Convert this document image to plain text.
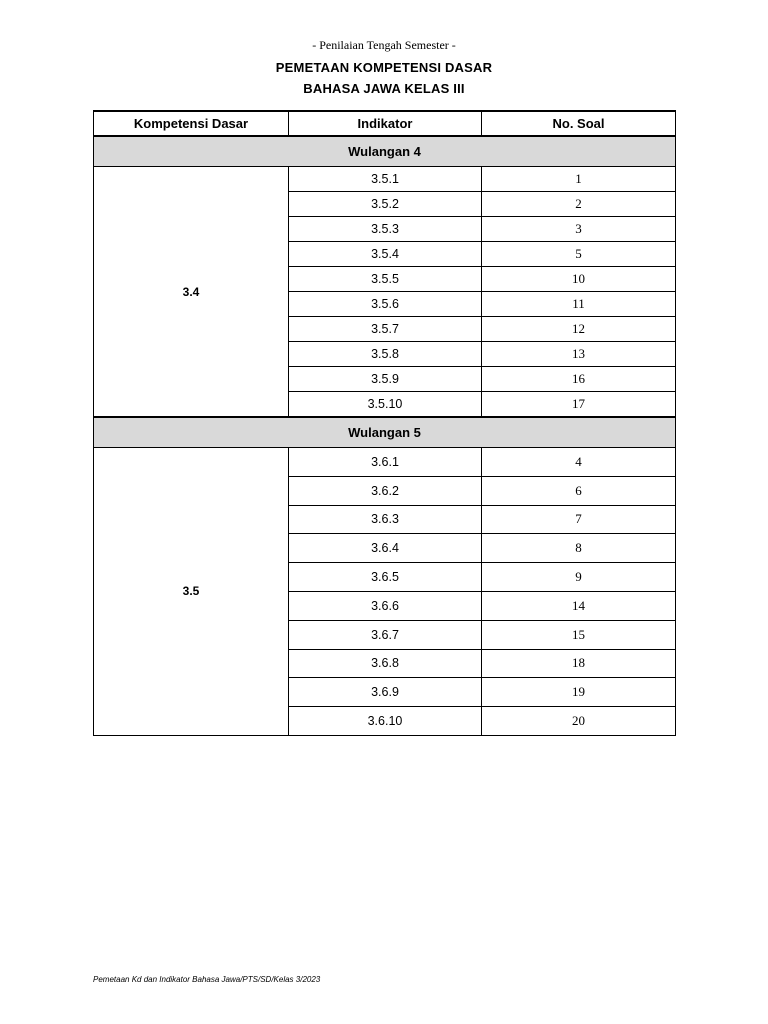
- Penilaian Tengah Semester -
PEMETAAN KOMPETENSI DASAR
BAHASA JAWA KELAS III
Kompetensi Dasar	Indikator	No. Soal
Wulangan 4		
3.4	3.5.1	1
	3.5.2	2
	3.5.3	3
	3.5.4	5
	3.5.5	10
	3.5.6	11
	3.5.7	12
	3.5.8	13
	3.5.9	16
	3.5.10	17
Wulangan 5		
3.5	3.6.1	4
	3.6.2	6
	3.6.3	7
	3.6.4	8
	3.6.5	9
	3.6.6	14
	3.6.7	15
	3.6.8	18
	3.6.9	19
	3.6.10	20
Pemetaan Kd dan Indikator Bahasa Jawa/PTS/SD/Kelas 3/2023
